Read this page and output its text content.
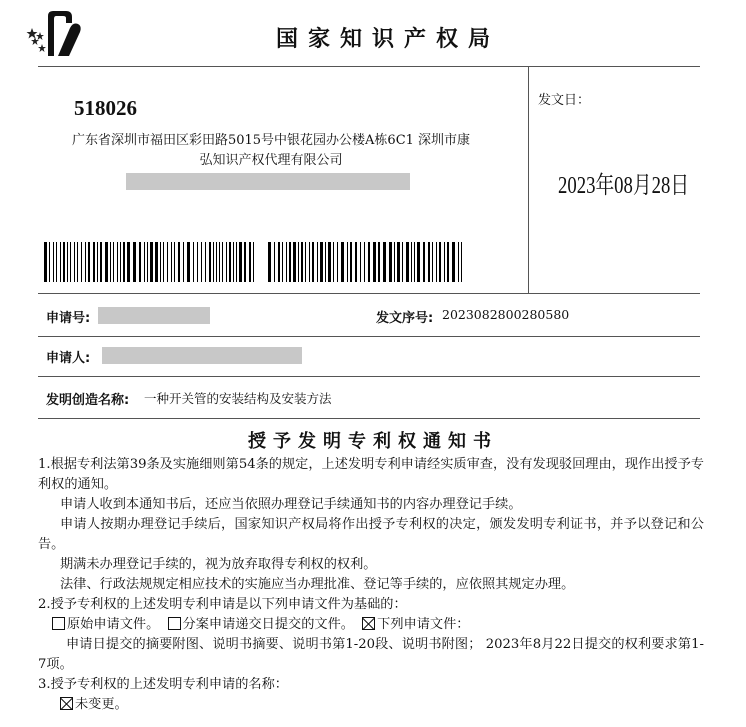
国家知识产权局
518026
广东省深圳市福田区彩田路5015号中银花园办公楼A栋6C1 深圳市康
弘知识产权代理有限公司
发文日：
2023年08月28日
申请号:	发文序号: 2023082800280580
申请人:
发明创造名称: 一种开关管的安装结构及安装方法
授予发明专利权通知书

1.根据专利法第39条及实施细则第54条的规定，上述发明专利申请经实质审查，没有发现驳回理由，现作出授予专利权的通知。

申请人收到本通知书后，还应当依照办理登记手续通知书的内容办理登记手续。

申请人按期办理登记手续后，国家知识产权局将作出授予专利权的决定，颁发发明专利证书，并予以登记和公告。

期满未办理登记手续的，视为放弃取得专利权的权利。

法律、行政法规规定相应技术的实施应当办理批准、登记等手续的，应依照其规定办理。

2.授予专利权的上述发明专利申请是以下列申请文件为基础的：

原始申请文件。 分案申请递交日提交的文件。 下列申请文件：

申请日提交的摘要附图、说明书摘要、说明书第1-20段、说明书附图； 2023年8月22日提交的权利要求第1-7项。

3.授予专利权的上述发明专利申请的名称：

未变更。
